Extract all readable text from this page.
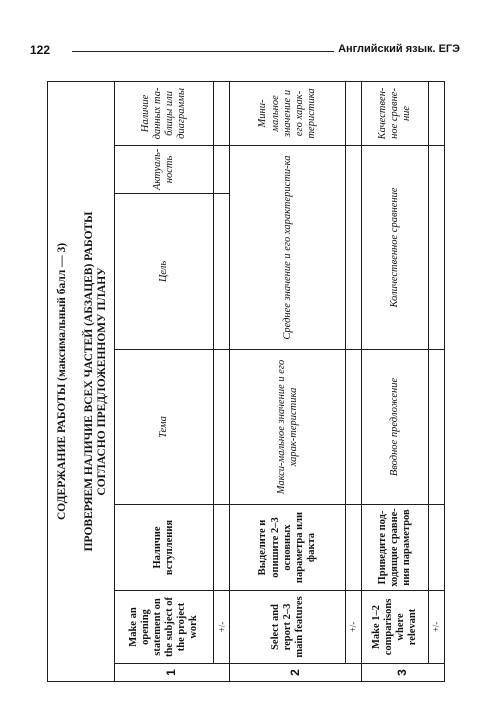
122	Английский язык. ЕГЭ
СОДЕРЖАНИЕ РАБОТЫ (максимальный балл — 3)						
ПРОВЕРЯЕМ НАЛИЧИЕ ВСЕХ ЧАСТЕЙ (АБЗАЦЕВ) РАБОТЫ
СОГЛАСНО ПРЕДЛОЖЕННОМУ ПЛАНУ						
1	Make an opening statement on the subject of the project work	Наличие вступления	Тема	Цель	Актуаль-ность	Наличие данных та-блицы или диаграммы
	+/-					
2	Select and report 2–3 main features	Выделите и опишите 2–3 основных параметра или факта	Макси-мальное значение и его харак-теристика	Среднее значение и его характеристи-ка		Мини-мальное значение и его харак-теристика
	+/-					
3	Make 1–2 comparisons where relevant	Приведите под-ходящие сравне-ния параметров	Вводное предложение	Количественное сравнение		Качествен-ное сравне-ние
	+/-					
